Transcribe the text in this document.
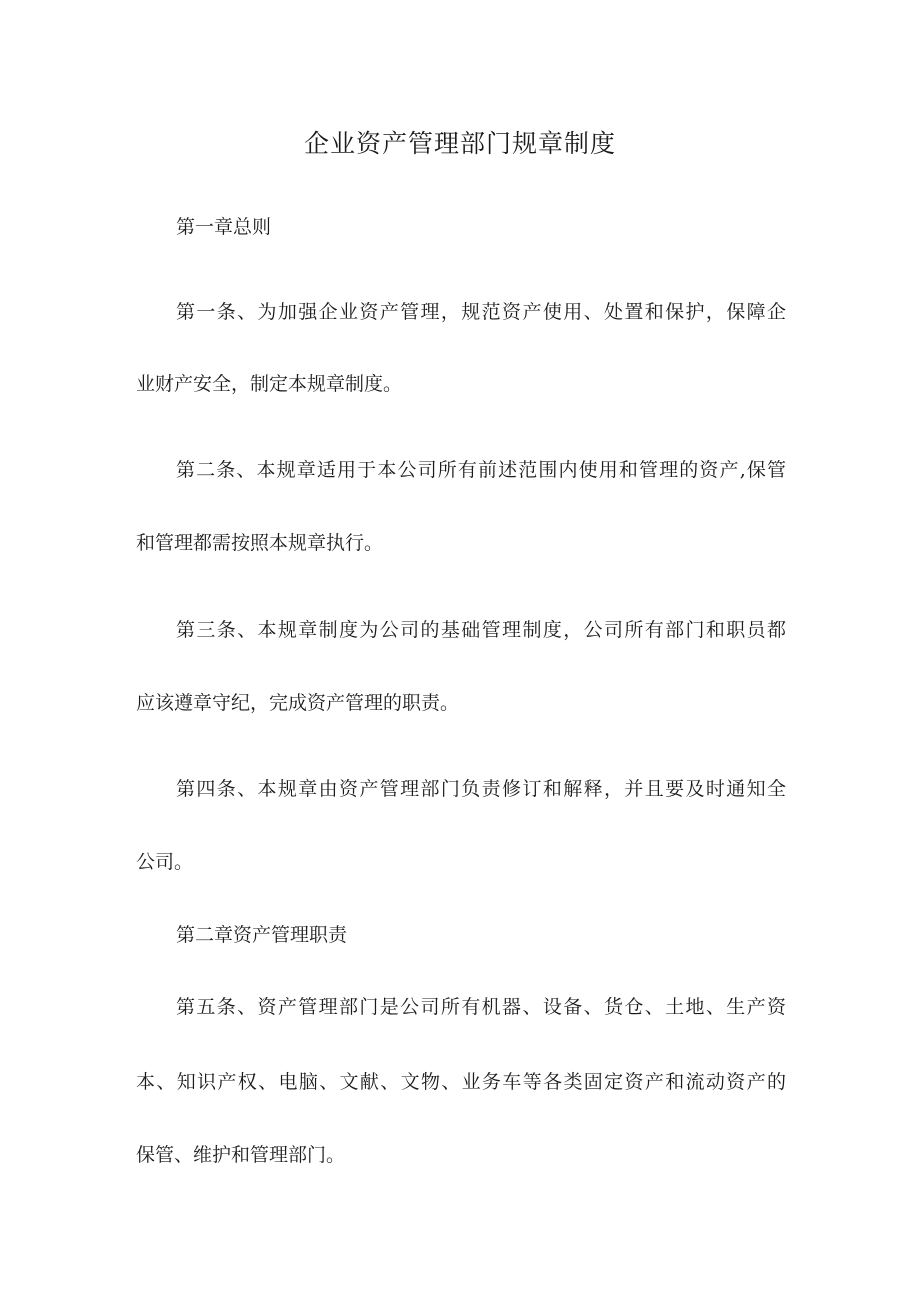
企业资产管理部门规章制度

第一章总则

第一条、为加强企业资产管理，规范资产使用、处置和保护，保障企

业财产安全，制定本规章制度。

第二条、本规章适用于本公司所有前述范围内使用和管理的资产,保管

和管理都需按照本规章执行。

第三条、本规章制度为公司的基础管理制度，公司所有部门和职员都

应该遵章守纪，完成资产管理的职责。

第四条、本规章由资产管理部门负责修订和解释，并且要及时通知全

公司。

第二章资产管理职责

第五条、资产管理部门是公司所有机器、设备、货仓、土地、生产资

本、知识产权、电脑、文献、文物、业务车等各类固定资产和流动资产的

保管、维护和管理部门。
